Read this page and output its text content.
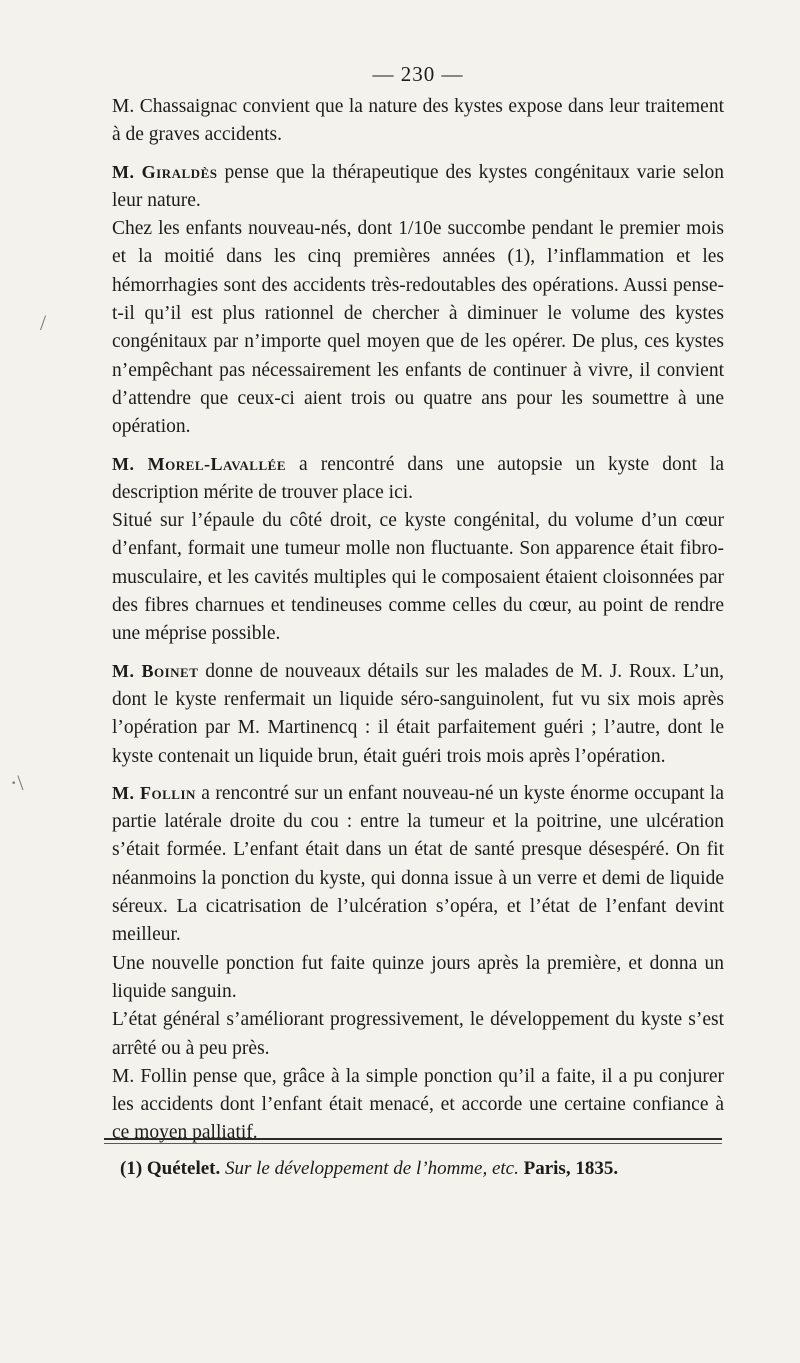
— 230 —

M. Chassaignac convient que la nature des kystes expose dans leur traitement à de graves accidents.

M. Giraldès pense que la thérapeutique des kystes congénitaux varie selon leur nature.

Chez les enfants nouveau-nés, dont 1/10e succombe pendant le premier mois et la moitié dans les cinq premières années (1), l’inflammation et les hémorrhagies sont des accidents très-redoutables des opérations. Aussi pense-t-il qu’il est plus rationnel de chercher à diminuer le volume des kystes congénitaux par n’importe quel moyen que de les opérer. De plus, ces kystes n’empêchant pas nécessairement les enfants de continuer à vivre, il convient d’attendre que ceux-ci aient trois ou quatre ans pour les soumettre à une opération.

M. Morel-Lavallée a rencontré dans une autopsie un kyste dont la description mérite de trouver place ici.

Situé sur l’épaule du côté droit, ce kyste congénital, du volume d’un cœur d’enfant, formait une tumeur molle non fluctuante. Son apparence était fibro-musculaire, et les cavités multiples qui le composaient étaient cloisonnées par des fibres charnues et tendineuses comme celles du cœur, au point de rendre une méprise possible.

M. Boinet donne de nouveaux détails sur les malades de M. J. Roux. L’un, dont le kyste renfermait un liquide séro-sanguinolent, fut vu six mois après l’opération par M. Martinencq : il était parfaitement guéri ; l’autre, dont le kyste contenait un liquide brun, était guéri trois mois après l’opération.

M. Follin a rencontré sur un enfant nouveau-né un kyste énorme occupant la partie latérale droite du cou : entre la tumeur et la poitrine, une ulcération s’était formée. L’enfant était dans un état de santé presque désespéré. On fit néanmoins la ponction du kyste, qui donna issue à un verre et demi de liquide séreux. La cicatrisation de l’ulcération s’opéra, et l’état de l’enfant devint meilleur.

Une nouvelle ponction fut faite quinze jours après la première, et donna un liquide sanguin.

L’état général s’améliorant progressivement, le développement du kyste s’est arrêté ou à peu près.

M. Follin pense que, grâce à la simple ponction qu’il a faite, il a pu conjurer les accidents dont l’enfant était menacé, et accorde une certaine confiance à ce moyen palliatif.

/
·\
(1) Quételet. Sur le développement de l’homme, etc. Paris, 1835.
